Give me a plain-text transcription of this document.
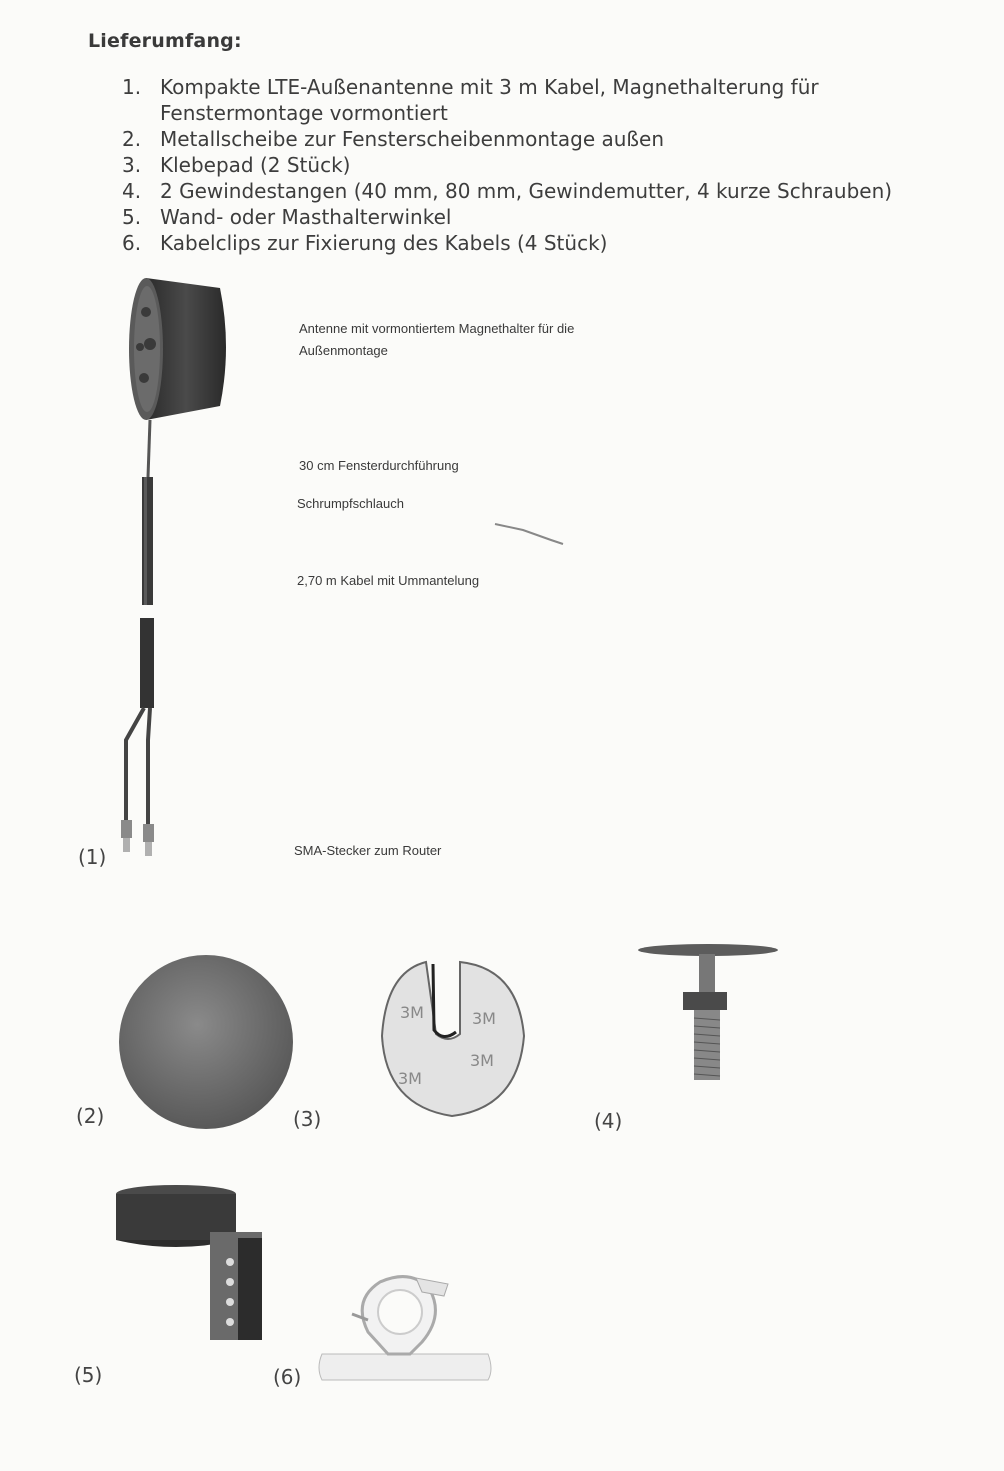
Lieferumfang:
1. Kompakte LTE-Außenantenne mit 3 m Kabel, Magnethalterung für Fenstermontage vormontiert
2. Metallscheibe zur Fensterscheibenmontage außen
3. Klebepad (2 Stück)
4. 2 Gewindestangen (40 mm, 80 mm, Gewindemutter, 4 kurze Schrauben)
5. Wand- oder Masthalterwinkel
6. Kabelclips zur Fixierung des Kabels (4 Stück)
Antenne mit vormontiertem Magnethalter für die Außenmontage
30 cm Fensterdurchführung
Schrumpfschlauch
2,70 m Kabel mit Ummantelung
SMA-Stecker zum Router
(1)
(2)
3M	3M
3M
3M
(3)	(4)
(5)	(6)
